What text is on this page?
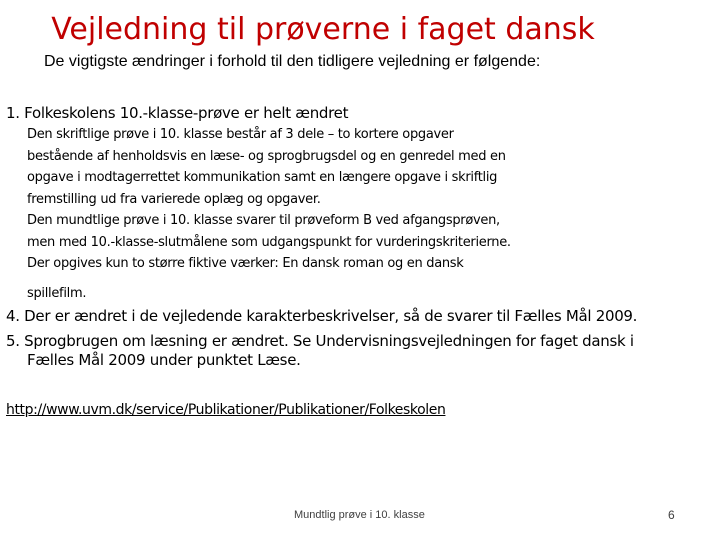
Vejledning til prøverne i faget dansk
De vigtigste ændringer i forhold til den tidligere vejledning er følgende:
1. Folkeskolens 10.-klasse-prøve er helt ændret
Den skriftlige prøve i 10. klasse består af 3 dele – to kortere opgaver
bestående af henholdsvis en læse- og sprogbrugsdel og en genredel med en
opgave i modtagerrettet kommunikation samt en længere opgave i skriftlig
fremstilling ud fra varierede oplæg og opgaver.
Den mundtlige prøve i 10. klasse svarer til prøveform B ved afgangsprøven,
men med 10.-klasse-slutmålene som udgangspunkt for vurderingskriterierne.
Der opgives kun to større fiktive værker: En dansk roman og en dansk
spillefilm.
4. Der er ændret i de vejledende karakterbeskrivelser, så de svarer til Fælles Mål 2009.
5. Sprogbrugen om læsning er ændret. Se Undervisningsvejledningen for faget dansk i
Fælles Mål 2009 under punktet Læse.
http://www.uvm.dk/service/Publikationer/Publikationer/Folkeskolen
Mundtlig prøve i 10. klasse	6
